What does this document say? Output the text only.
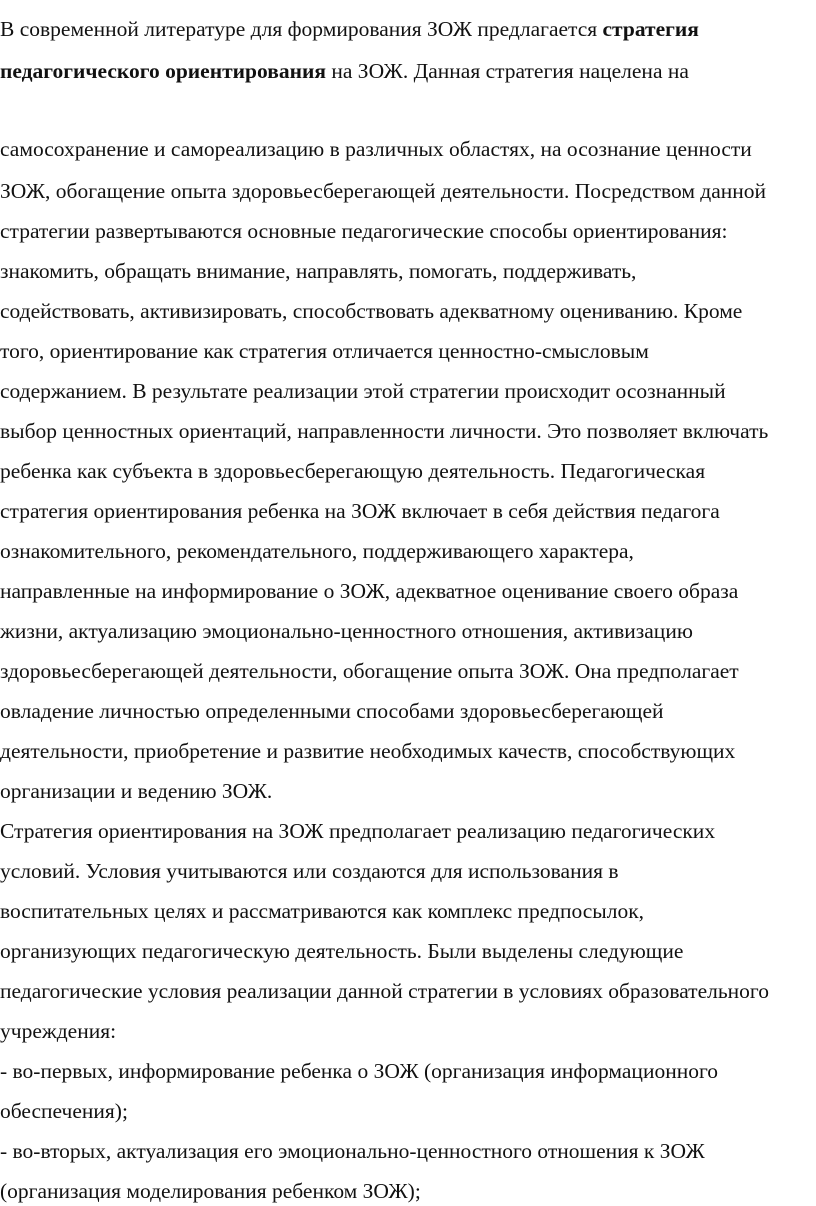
В современной литературе для формирования ЗОЖ предлагается стратегия
педагогического ориентирования на ЗОЖ. Данная стратегия нацелена на
самосохранение и самореализацию в различных областях, на осознание ценности
ЗОЖ, обогащение опыта здоровьесберегающей деятельности. Посредством данной
стратегии развертываются основные педагогические способы ориентирования:
знакомить, обращать внимание, направлять, помогать, поддерживать,
содействовать, активизировать, способствовать адекватному оцениванию. Кроме
того, ориентирование как стратегия отличается ценностно-смысловым
содержанием. В результате реализации этой стратегии происходит осознанный
выбор ценностных ориентаций, направленности личности. Это позволяет включать
ребенка как субъекта в здоровьесберегающую деятельность. Педагогическая
стратегия ориентирования ребенка на ЗОЖ включает в себя действия педагога
ознакомительного, рекомендательного, поддерживающего характера,
направленные на информирование о ЗОЖ, адекватное оценивание своего образа
жизни, актуализацию эмоционально-ценностного отношения, активизацию
здоровьесберегающей деятельности, обогащение опыта ЗОЖ. Она предполагает
овладение личностью определенными способами здоровьесберегающей
деятельности, приобретение и развитие необходимых качеств, способствующих
организации и ведению ЗОЖ.
Стратегия ориентирования на ЗОЖ предполагает реализацию педагогических
условий. Условия учитываются или создаются для использования в
воспитательных целях и рассматриваются как комплекс предпосылок,
организующих педагогическую деятельность. Были выделены следующие
педагогические условия реализации данной стратегии в условиях образовательного
учреждения:
- во-первых, информирование ребенка о ЗОЖ (организация информационного
обеспечения);
- во-вторых, актуализация его эмоционально-ценностного отношения к ЗОЖ
(организация моделирования ребенком ЗОЖ);
